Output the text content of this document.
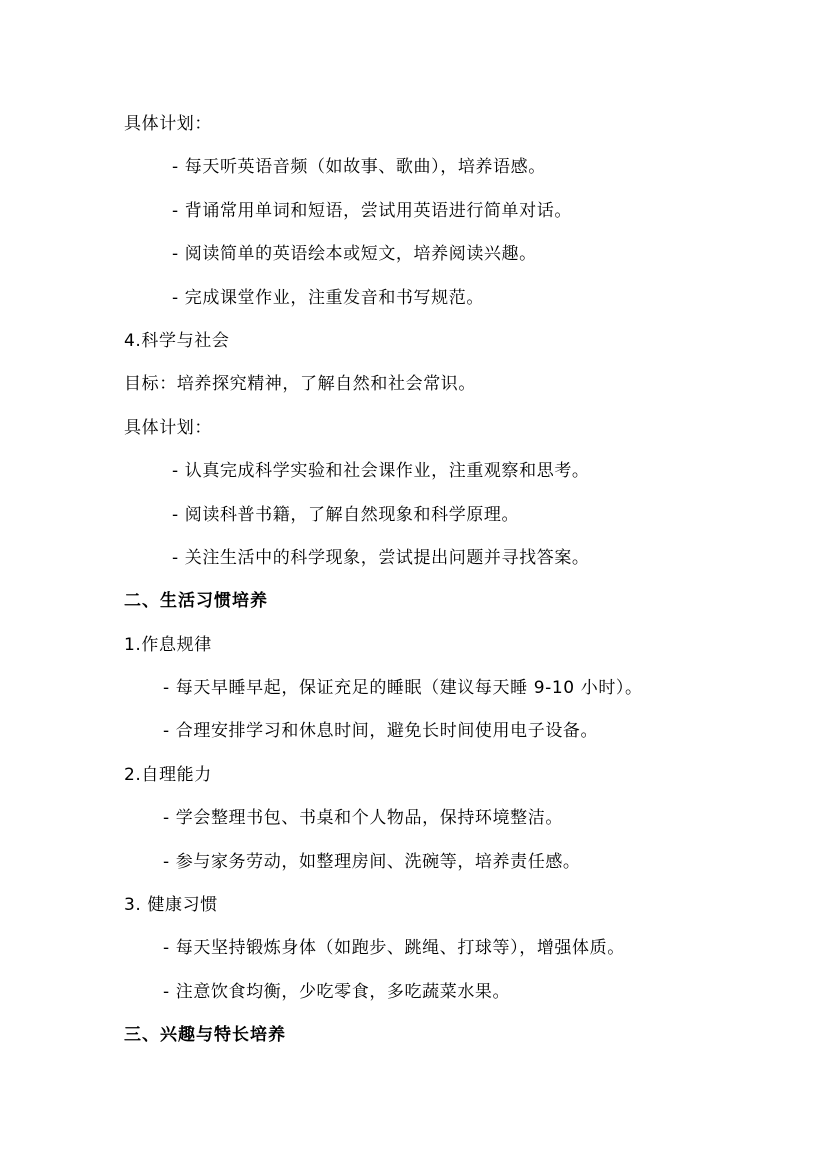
具体计划：
- 每天听英语音频（如故事、歌曲），培养语感。
- 背诵常用单词和短语，尝试用英语进行简单对话。
- 阅读简单的英语绘本或短文，培养阅读兴趣。
- 完成课堂作业，注重发音和书写规范。
4.科学与社会
目标：培养探究精神，了解自然和社会常识。
具体计划：
- 认真完成科学实验和社会课作业，注重观察和思考。
- 阅读科普书籍，了解自然现象和科学原理。
- 关注生活中的科学现象，尝试提出问题并寻找答案。
二、生活习惯培养
1.作息规律
- 每天早睡早起，保证充足的睡眠（建议每天睡 9-10 小时）。
- 合理安排学习和休息时间，避免长时间使用电子设备。
2.自理能力
- 学会整理书包、书桌和个人物品，保持环境整洁。
- 参与家务劳动，如整理房间、洗碗等，培养责任感。
3. 健康习惯
- 每天坚持锻炼身体（如跑步、跳绳、打球等），增强体质。
- 注意饮食均衡，少吃零食，多吃蔬菜水果。
三、兴趣与特长培养
